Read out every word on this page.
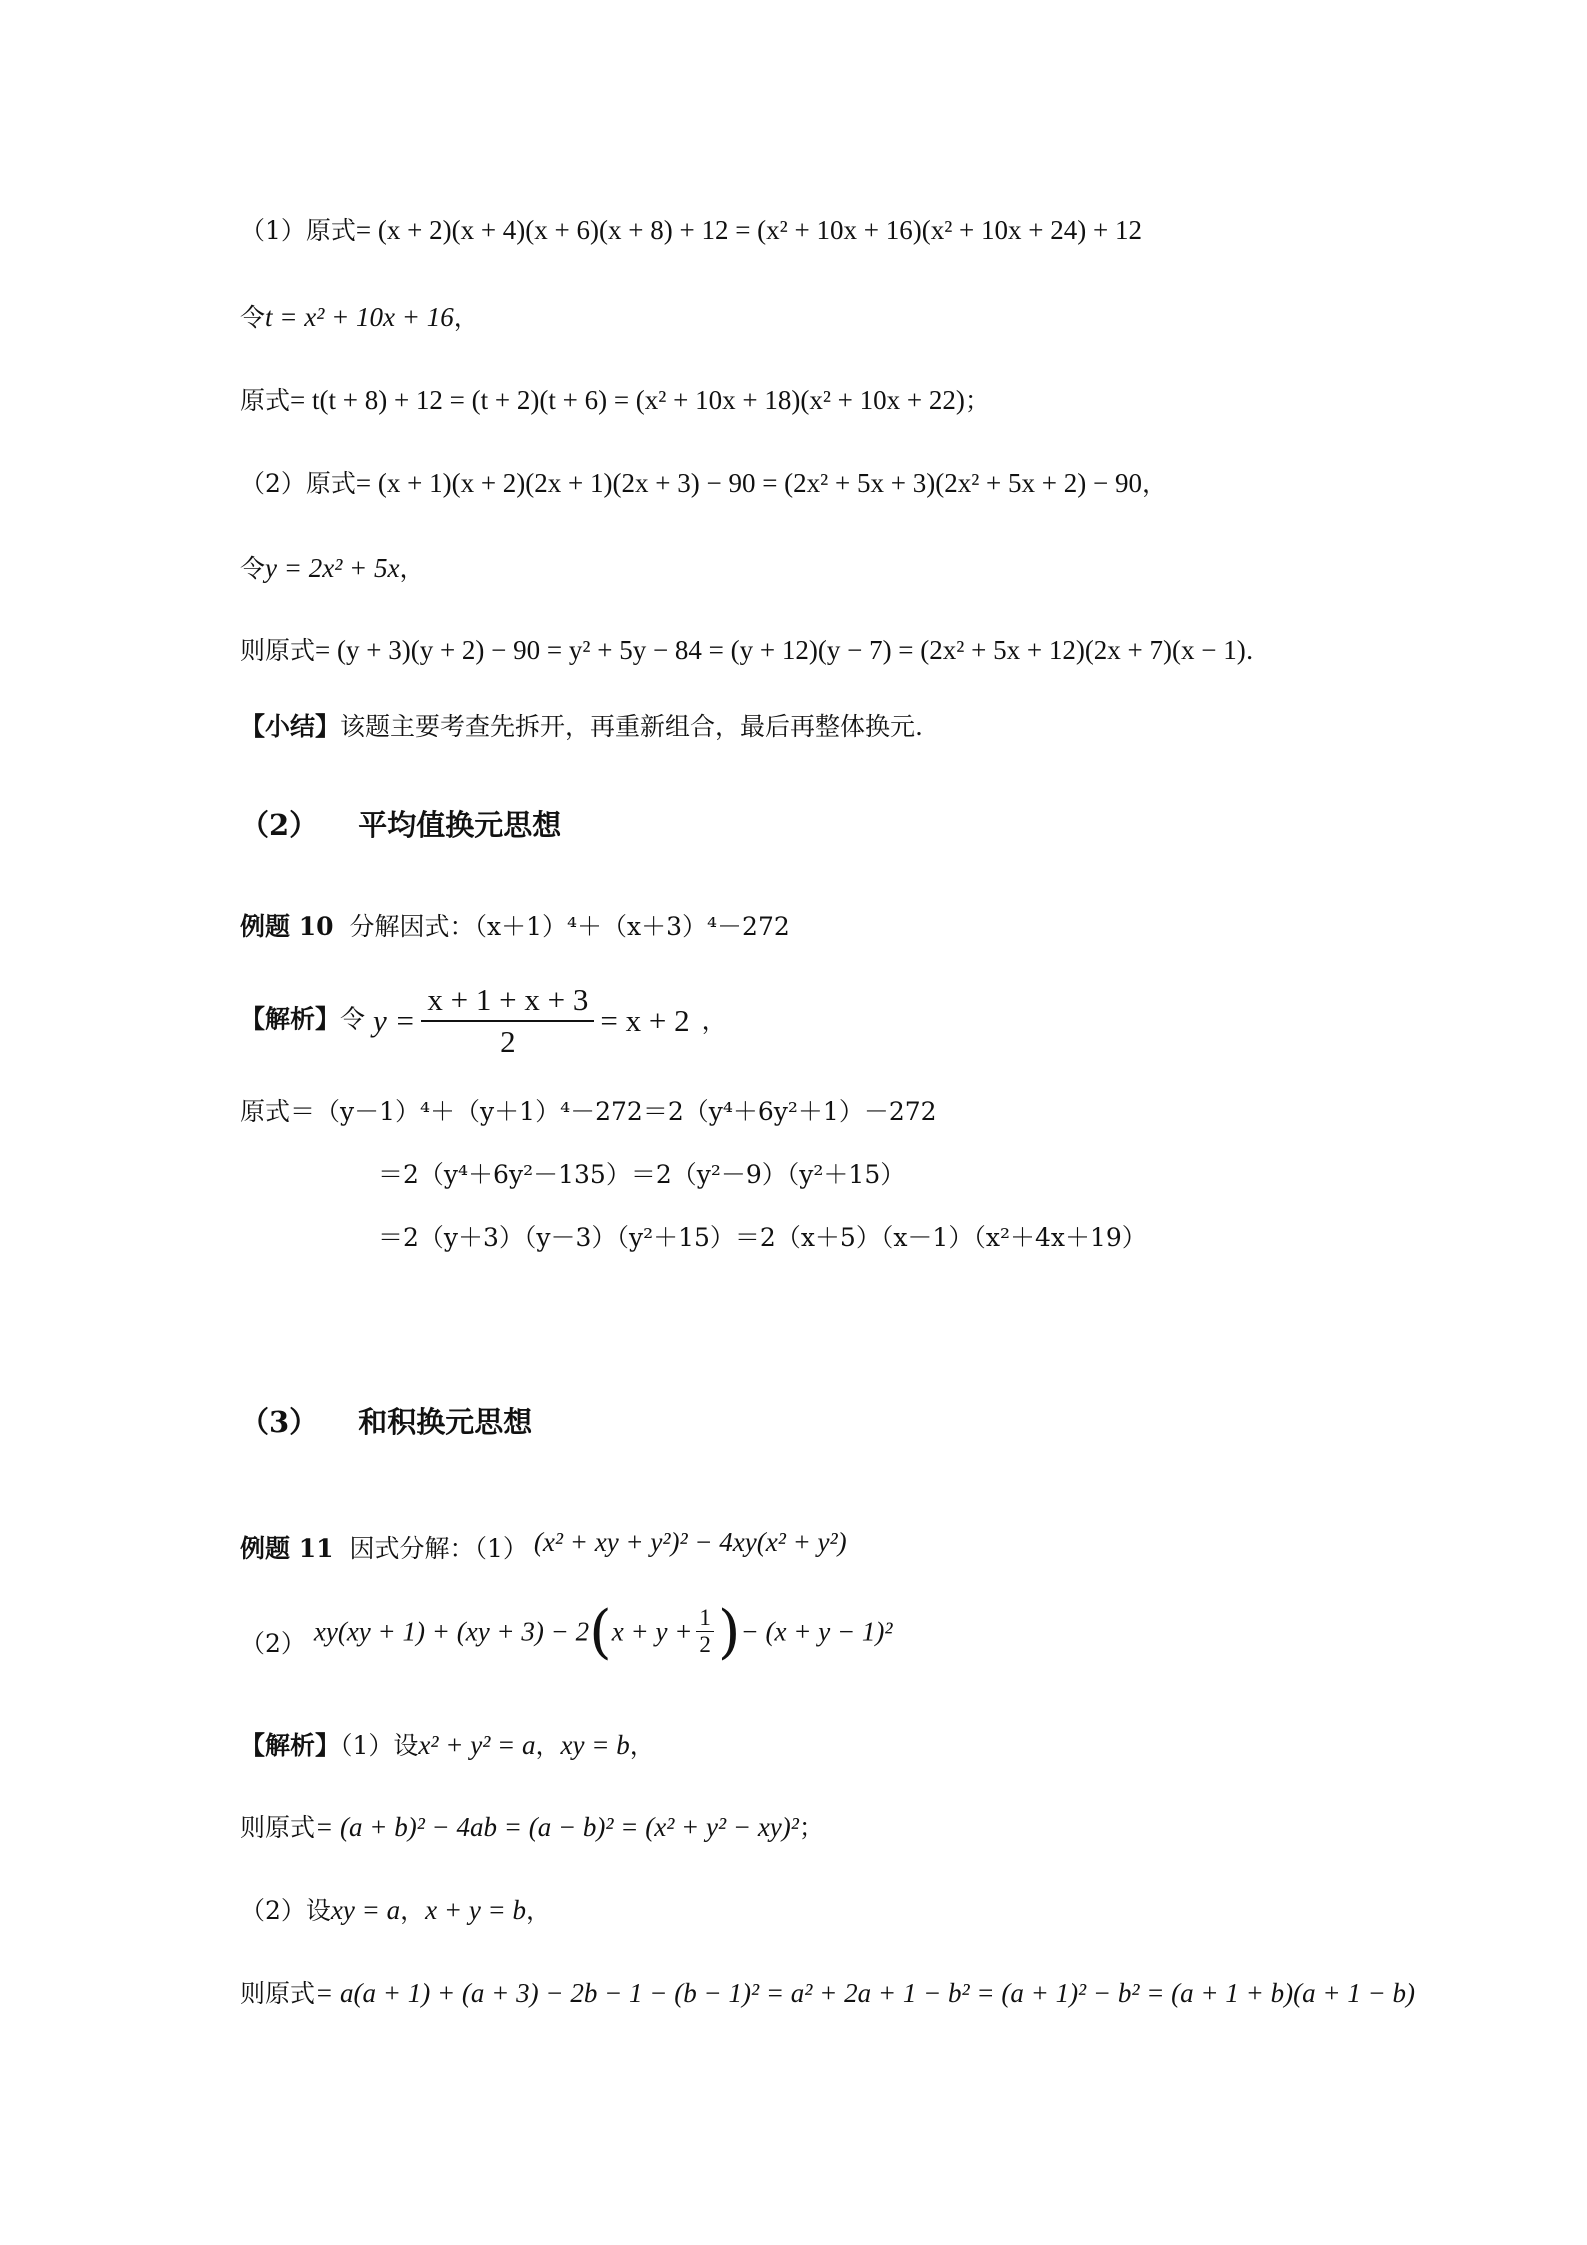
（1）原式= (x + 2)(x + 4)(x + 6)(x + 8) + 12 = (x² + 10x + 16)(x² + 10x + 24) + 12
令t = x² + 10x + 16，
原式= t(t + 8) + 12 = (t + 2)(t + 6) = (x² + 10x + 18)(x² + 10x + 22)；
（2）原式= (x + 1)(x + 2)(2x + 1)(2x + 3) − 90 = (2x² + 5x + 3)(2x² + 5x + 2) − 90，
令y = 2x² + 5x，
则原式= (y + 3)(y + 2) − 90 = y² + 5y − 84 = (y + 12)(y − 7) = (2x² + 5x + 12)(2x + 7)(x − 1)．
【小结】该题主要考查先拆开，再重新组合，最后再整体换元.
（2） 平均值换元思想
例题 10 分解因式：（x＋1）⁴＋（x＋3）⁴－272
【解析】令 $y = \frac{x + 1 + x + 3}{2} = x + 2$ ，
原式＝（y－1）⁴＋（y＋1）⁴－272＝2（y⁴＋6y²＋1）－272
＝2（y⁴＋6y²－135）＝2（y²－9）（y²＋15）
＝2（y＋3）（y－3）（y²＋15）＝2（x＋5）（x－1）（x²＋4x＋19）
（3） 和积换元思想
例题 11 因式分解：（1） (x² + xy + y²)² − 4xy(x² + y²)
（2） $xy(xy + 1) + (xy + 3) - 2(x + y + \frac{1}{2}$ )− (x + y − 1)²
【解析】（1）设x² + y² = a，xy = b，
则原式= (a + b)² − 4ab = (a − b)² = (x² + y² − xy)²；
（2）设xy = a，x + y = b，
则原式= a(a + 1) + (a + 3) − 2b − 1 − (b − 1)² = a² + 2a + 1 − b² = (a + 1)² − b² = (a + 1 + b)(a + 1 − b)
